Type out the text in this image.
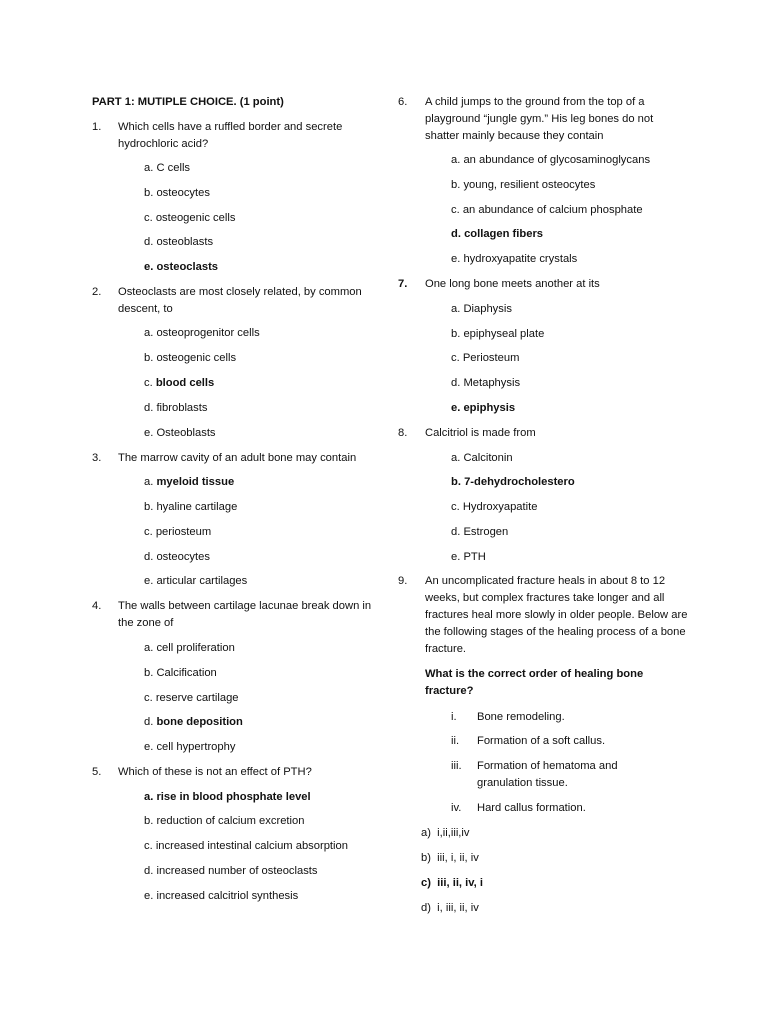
PART 1: MUTIPLE CHOICE. (1 point)
1. Which cells have a ruffled border and secrete hydrochloric acid?
a. C cells
b. osteocytes
c. osteogenic cells
d. osteoblasts
e. osteoclasts
2. Osteoclasts are most closely related, by common descent, to
a. osteoprogenitor cells
b. osteogenic cells
c. blood cells
d. fibroblasts
e. Osteoblasts
3. The marrow cavity of an adult bone may contain
a. myeloid tissue
b. hyaline cartilage
c. periosteum
d. osteocytes
e. articular cartilages
4. The walls between cartilage lacunae break down in the zone of
a. cell proliferation
b. Calcification
c. reserve cartilage
d. bone deposition
e. cell hypertrophy
5. Which of these is not an effect of PTH?
a. rise in blood phosphate level
b. reduction of calcium excretion
c. increased intestinal calcium absorption
d. increased number of osteoclasts
e. increased calcitriol synthesis
6. A child jumps to the ground from the top of a playground “jungle gym.” His leg bones do not shatter mainly because they contain
a. an abundance of glycosaminoglycans
b. young, resilient osteocytes
c. an abundance of calcium phosphate
d. collagen fibers
e. hydroxyapatite crystals
7. One long bone meets another at its
a. Diaphysis
b. epiphyseal plate
c. Periosteum
d. Metaphysis
e. epiphysis
8. Calcitriol is made from
a. Calcitonin
b. 7-dehydrocholestero
c. Hydroxyapatite
d. Estrogen
e. PTH
9. An uncomplicated fracture heals in about 8 to 12 weeks, but complex fractures take longer and all fractures heal more slowly in older people. Below are the following stages of the healing process of a bone fracture.
What is the correct order of healing bone fracture?
i. Bone remodeling.
ii. Formation of a soft callus.
iii. Formation of hematoma and granulation tissue.
iv. Hard callus formation.
a) i,ii,iii,iv
b) iii, i, ii, iv
c) iii, ii, iv, i
d) i, iii, ii, iv
